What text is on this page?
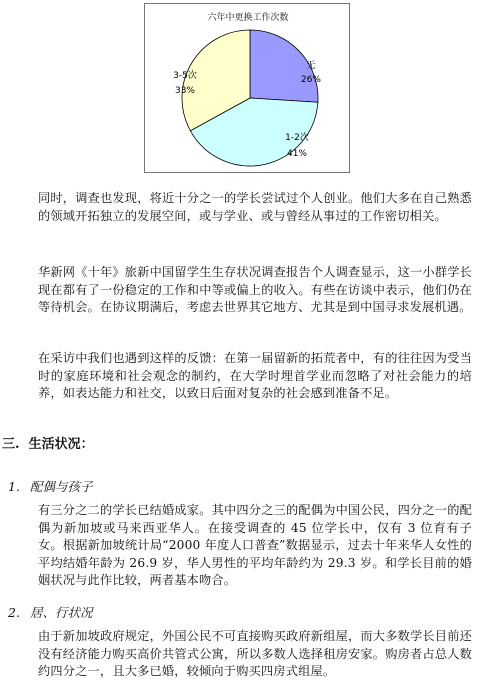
六年中更换工作次数
无
26%
1-2次
41%
3-5次
33%

同时，调查也发现，将近十分之一的学长尝试过个人创业。他们大多在自己熟悉的领域开拓独立的发展空间，或与学业、或与曾经从事过的工作密切相关。

华新网《十年》旅新中国留学生生存状况调查报告个人调查显示，这一小群学长现在都有了一份稳定的工作和中等或偏上的收入。有些在访谈中表示，他们仍在等待机会。在协议期满后，考虑去世界其它地方、尤其是到中国寻求发展机遇。

在采访中我们也遇到这样的反馈：在第一届留新的拓荒者中，有的往往因为受当时的家庭环境和社会观念的制约，在大学时埋首学业而忽略了对社会能力的培养，如表达能力和社交，以致日后面对复杂的社会感到准备不足。

三. 生活状况：
1. 配偶与孩子

有三分之二的学长已结婚成家。其中四分之三的配偶为中国公民，四分之一的配偶为新加坡或马来西亚华人。在接受调查的 45 位学长中，仅有 3 位育有子女。根据新加坡统计局“2000 年度人口普查”数据显示，过去十年来华人女性的平均结婚年龄为 26.9 岁，华人男性的平均年龄约为 29.3 岁。和学长目前的婚姻状况与此作比较，两者基本吻合。

2. 居、行状况

由于新加坡政府规定，外国公民不可直接购买政府新组屋，而大多数学长目前还没有经济能力购买高价共管式公寓，所以多数人选择租房安家。购房者占总人数约四分之一，且大多已婚，较倾向于购买四房式组屋。
